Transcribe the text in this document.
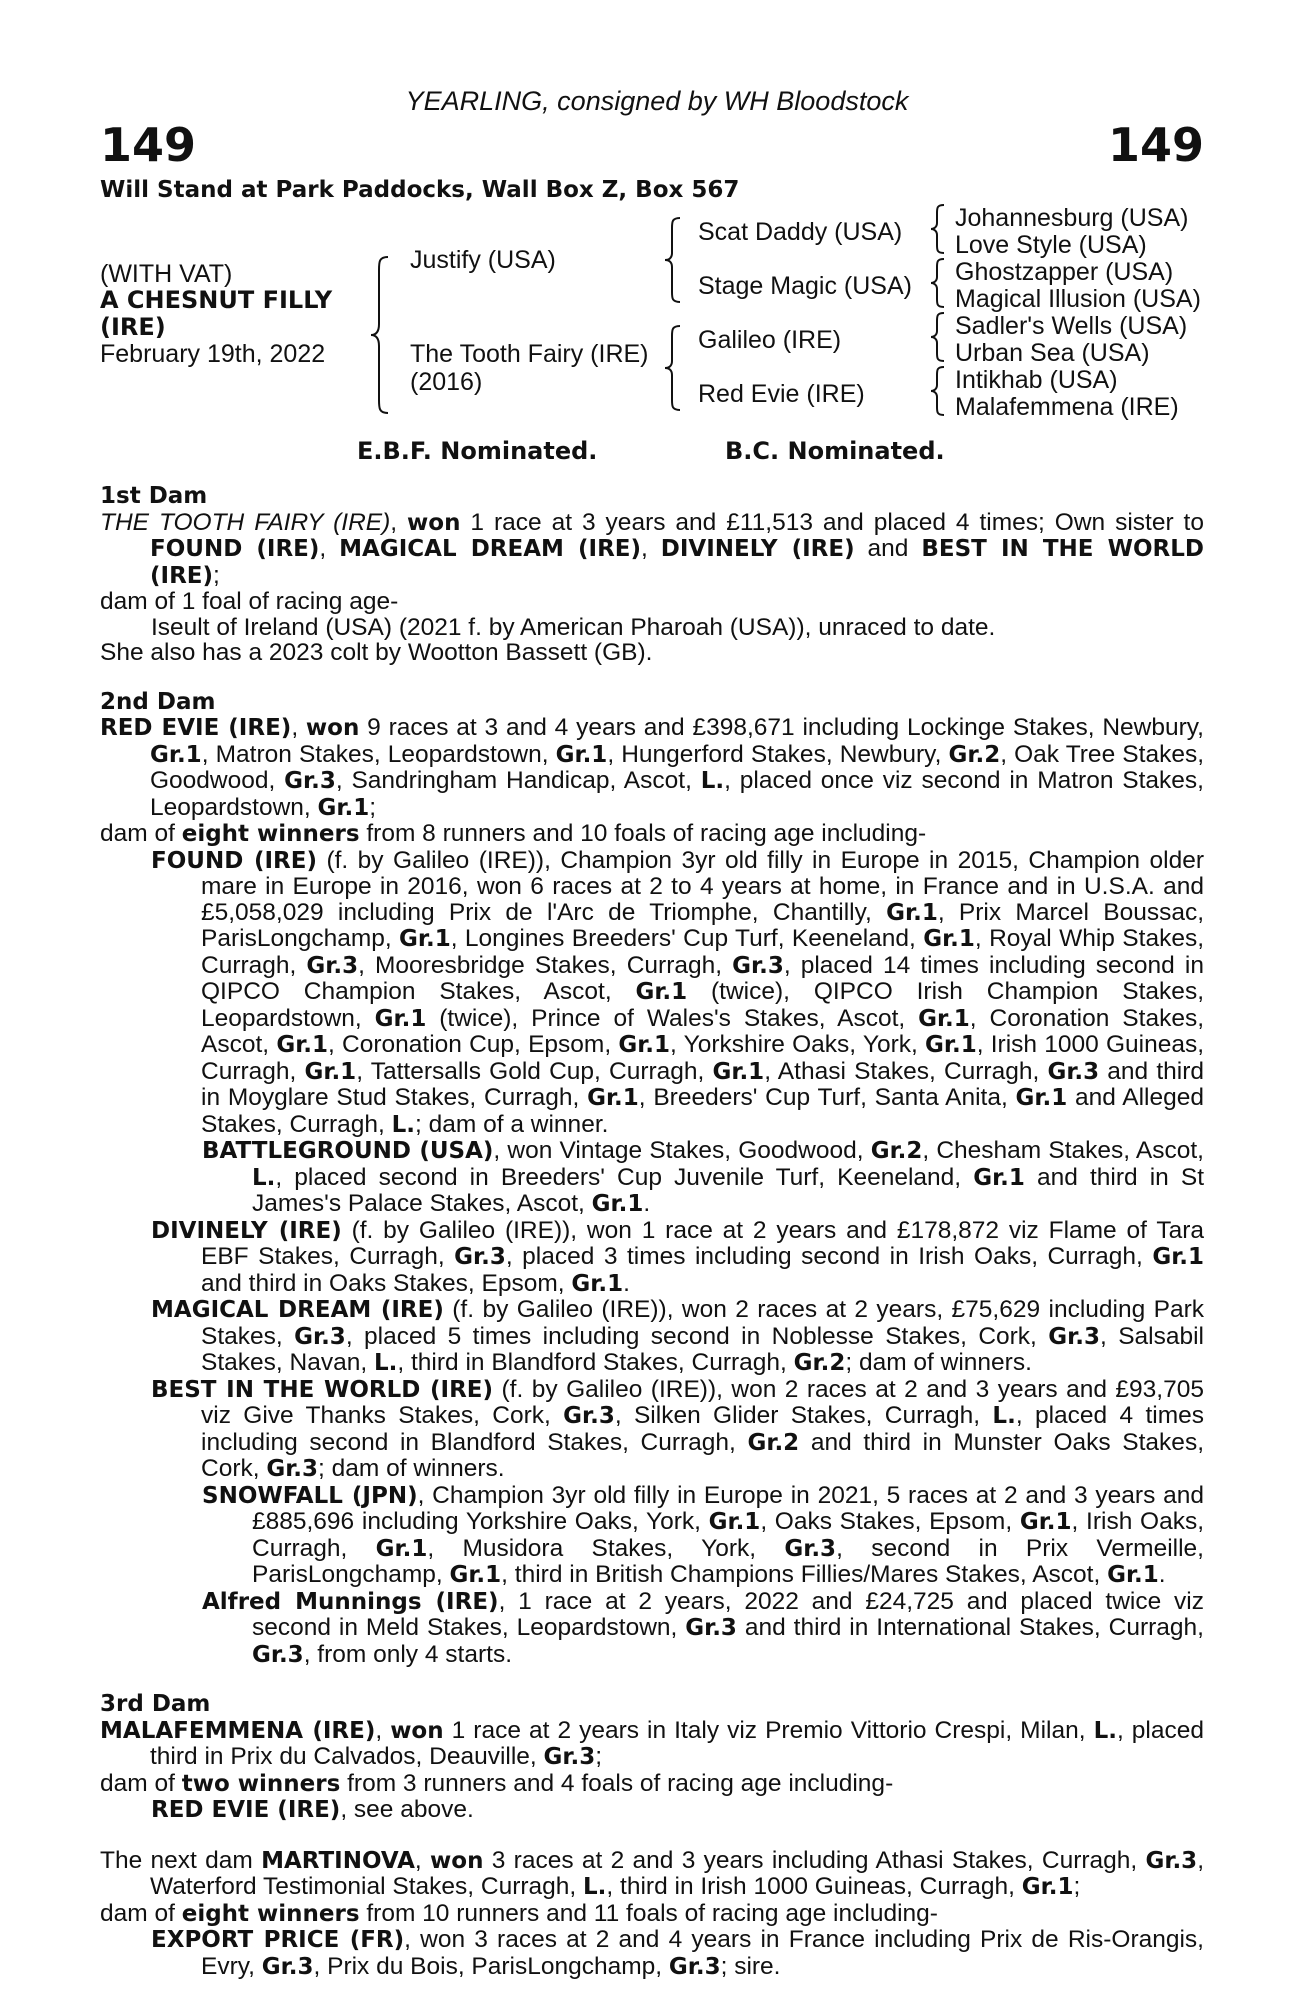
YEARLING, consigned by WH Bloodstock
149	149
Will Stand at Park Paddocks, Wall Box Z, Box 567
(WITH VAT)
A CHESNUT FILLY
(IRE)
February 19th, 2022
Justify (USA)
The Tooth Fairy (IRE)
(2016)
Scat Daddy (USA)
Stage Magic (USA)
Galileo (IRE)
Red Evie (IRE)
Johannesburg (USA)
Love Style (USA)
Ghostzapper (USA)
Magical Illusion (USA)
Sadler's Wells (USA)
Urban Sea (USA)
Intikhab (USA)
Malafemmena (IRE)
E.B.F. Nominated.	B.C. Nominated.
1st Dam
THE TOOTH FAIRY (IRE), won 1 race at 3 years and £11,513 and placed 4 times; Own sister to FOUND (IRE), MAGICAL DREAM (IRE), DIVINELY (IRE) and BEST IN THE WORLD (IRE);
dam of 1 foal of racing age-
Iseult of Ireland (USA) (2021 f. by American Pharoah (USA)), unraced to date.
She also has a 2023 colt by Wootton Bassett (GB).
2nd Dam
RED EVIE (IRE), won 9 races at 3 and 4 years and £398,671 including Lockinge Stakes, Newbury, Gr.1, Matron Stakes, Leopardstown, Gr.1, Hungerford Stakes, Newbury, Gr.2, Oak Tree Stakes, Goodwood, Gr.3, Sandringham Handicap, Ascot, L., placed once viz second in Matron Stakes, Leopardstown, Gr.1;
dam of eight winners from 8 runners and 10 foals of racing age including-
FOUND (IRE) (f. by Galileo (IRE)), Champion 3yr old filly in Europe in 2015, Champion older mare in Europe in 2016, won 6 races at 2 to 4 years at home, in France and in U.S.A. and £5,058,029 including Prix de l'Arc de Triomphe, Chantilly, Gr.1, Prix Marcel Boussac, ParisLongchamp, Gr.1, Longines Breeders' Cup Turf, Keeneland, Gr.1, Royal Whip Stakes, Curragh, Gr.3, Mooresbridge Stakes, Curragh, Gr.3, placed 14 times including second in QIPCO Champion Stakes, Ascot, Gr.1 (twice), QIPCO Irish Champion Stakes, Leopardstown, Gr.1 (twice), Prince of Wales's Stakes, Ascot, Gr.1, Coronation Stakes, Ascot, Gr.1, Coronation Cup, Epsom, Gr.1, Yorkshire Oaks, York, Gr.1, Irish 1000 Guineas, Curragh, Gr.1, Tattersalls Gold Cup, Curragh, Gr.1, Athasi Stakes, Curragh, Gr.3 and third in Moyglare Stud Stakes, Curragh, Gr.1, Breeders' Cup Turf, Santa Anita, Gr.1 and Alleged Stakes, Curragh, L.; dam of a winner.
BATTLEGROUND (USA), won Vintage Stakes, Goodwood, Gr.2, Chesham Stakes, Ascot, L., placed second in Breeders' Cup Juvenile Turf, Keeneland, Gr.1 and third in St James's Palace Stakes, Ascot, Gr.1.
DIVINELY (IRE) (f. by Galileo (IRE)), won 1 race at 2 years and £178,872 viz Flame of Tara EBF Stakes, Curragh, Gr.3, placed 3 times including second in Irish Oaks, Curragh, Gr.1 and third in Oaks Stakes, Epsom, Gr.1.
MAGICAL DREAM (IRE) (f. by Galileo (IRE)), won 2 races at 2 years, £75,629 including Park Stakes, Gr.3, placed 5 times including second in Noblesse Stakes, Cork, Gr.3, Salsabil Stakes, Navan, L., third in Blandford Stakes, Curragh, Gr.2; dam of winners.
BEST IN THE WORLD (IRE) (f. by Galileo (IRE)), won 2 races at 2 and 3 years and £93,705 viz Give Thanks Stakes, Cork, Gr.3, Silken Glider Stakes, Curragh, L., placed 4 times including second in Blandford Stakes, Curragh, Gr.2 and third in Munster Oaks Stakes, Cork, Gr.3; dam of winners.
SNOWFALL (JPN), Champion 3yr old filly in Europe in 2021, 5 races at 2 and 3 years and £885,696 including Yorkshire Oaks, York, Gr.1, Oaks Stakes, Epsom, Gr.1, Irish Oaks, Curragh, Gr.1, Musidora Stakes, York, Gr.3, second in Prix Vermeille, ParisLongchamp, Gr.1, third in British Champions Fillies/Mares Stakes, Ascot, Gr.1.
Alfred Munnings (IRE), 1 race at 2 years, 2022 and £24,725 and placed twice viz second in Meld Stakes, Leopardstown, Gr.3 and third in International Stakes, Curragh, Gr.3, from only 4 starts.
3rd Dam
MALAFEMMENA (IRE), won 1 race at 2 years in Italy viz Premio Vittorio Crespi, Milan, L., placed third in Prix du Calvados, Deauville, Gr.3;
dam of two winners from 3 runners and 4 foals of racing age including-
RED EVIE (IRE), see above.
The next dam MARTINOVA, won 3 races at 2 and 3 years including Athasi Stakes, Curragh, Gr.3, Waterford Testimonial Stakes, Curragh, L., third in Irish 1000 Guineas, Curragh, Gr.1;
dam of eight winners from 10 runners and 11 foals of racing age including-
EXPORT PRICE (FR), won 3 races at 2 and 4 years in France including Prix de Ris-Orangis, Evry, Gr.3, Prix du Bois, ParisLongchamp, Gr.3; sire.
